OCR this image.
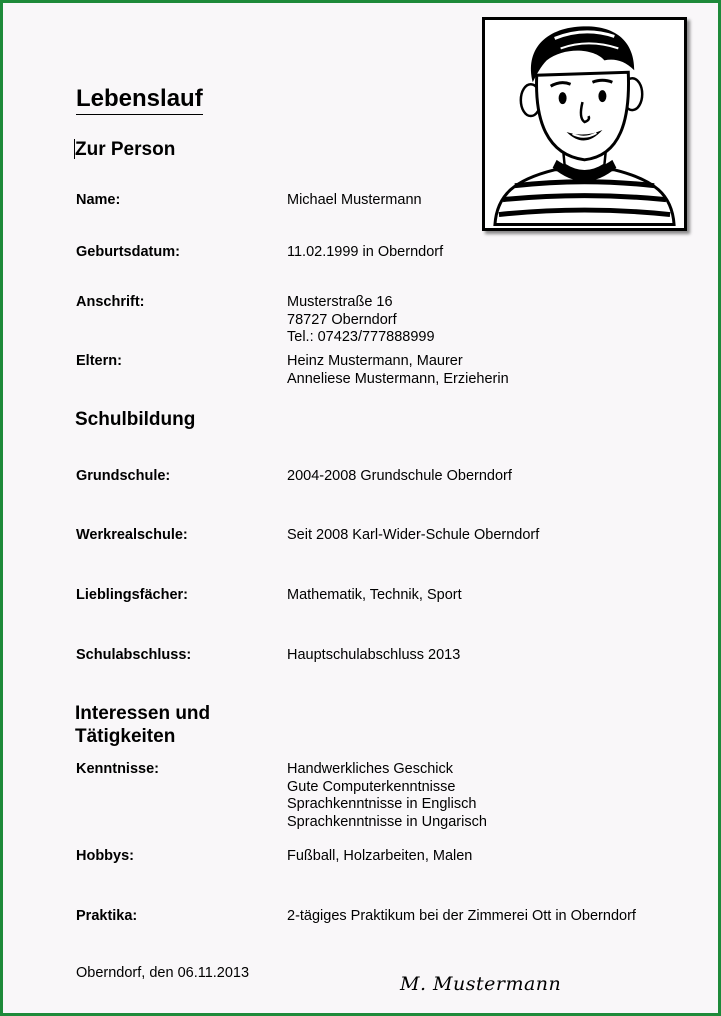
Lebenslauf
Zur Person
Name:	Michael Mustermann
Geburtsdatum:	11.02.1999 in Oberndorf
Anschrift:	Musterstraße 16
78727 Oberndorf
Tel.: 07423/777888999
Eltern:	Heinz Mustermann, Maurer
Anneliese Mustermann, Erzieherin
Schulbildung
Grundschule:	2004-2008 Grundschule Oberndorf
Werkrealschule:	Seit 2008 Karl-Wider-Schule Oberndorf
Lieblingsfächer:	Mathematik, Technik, Sport
Schulabschluss:	Hauptschulabschluss 2013
Interessen und
Tätigkeiten
Kenntnisse:	Handwerkliches Geschick
Gute Computerkenntnisse
Sprachkenntnisse in Englisch
Sprachkenntnisse in Ungarisch
Hobbys:	Fußball, Holzarbeiten, Malen
Praktika:	2-tägiges Praktikum bei der Zimmerei Ott in Oberndorf
Oberndorf, den 06.11.2013	M. Mustermann
